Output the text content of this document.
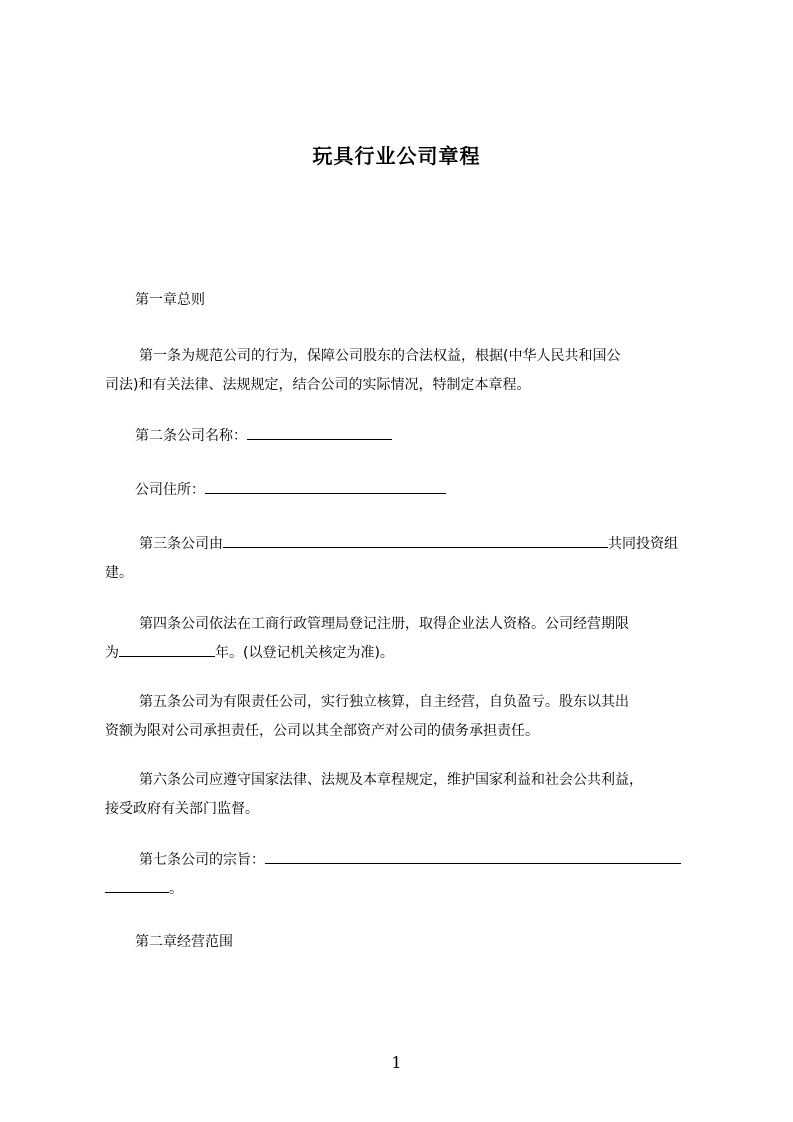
玩具行业公司章程
第一章总则
第一条为规范公司的行为，保障公司股东的合法权益，根据(中华人民共和国公
司法)和有关法律、法规规定，结合公司的实际情况，特制定本章程。
第二条公司名称：
公司住所：
第三条公司由	共同投资组
建。
第四条公司依法在工商行政管理局登记注册，取得企业法人资格。公司经营期限
为	年。(以登记机关核定为准)。
第五条公司为有限责任公司，实行独立核算，自主经营，自负盈亏。股东以其出
资额为限对公司承担责任，公司以其全部资产对公司的债务承担责任。
第六条公司应遵守国家法律、法规及本章程规定，维护国家利益和社会公共利益，
接受政府有关部门监督。
第七条公司的宗旨：
。
第二章经营范围
1
